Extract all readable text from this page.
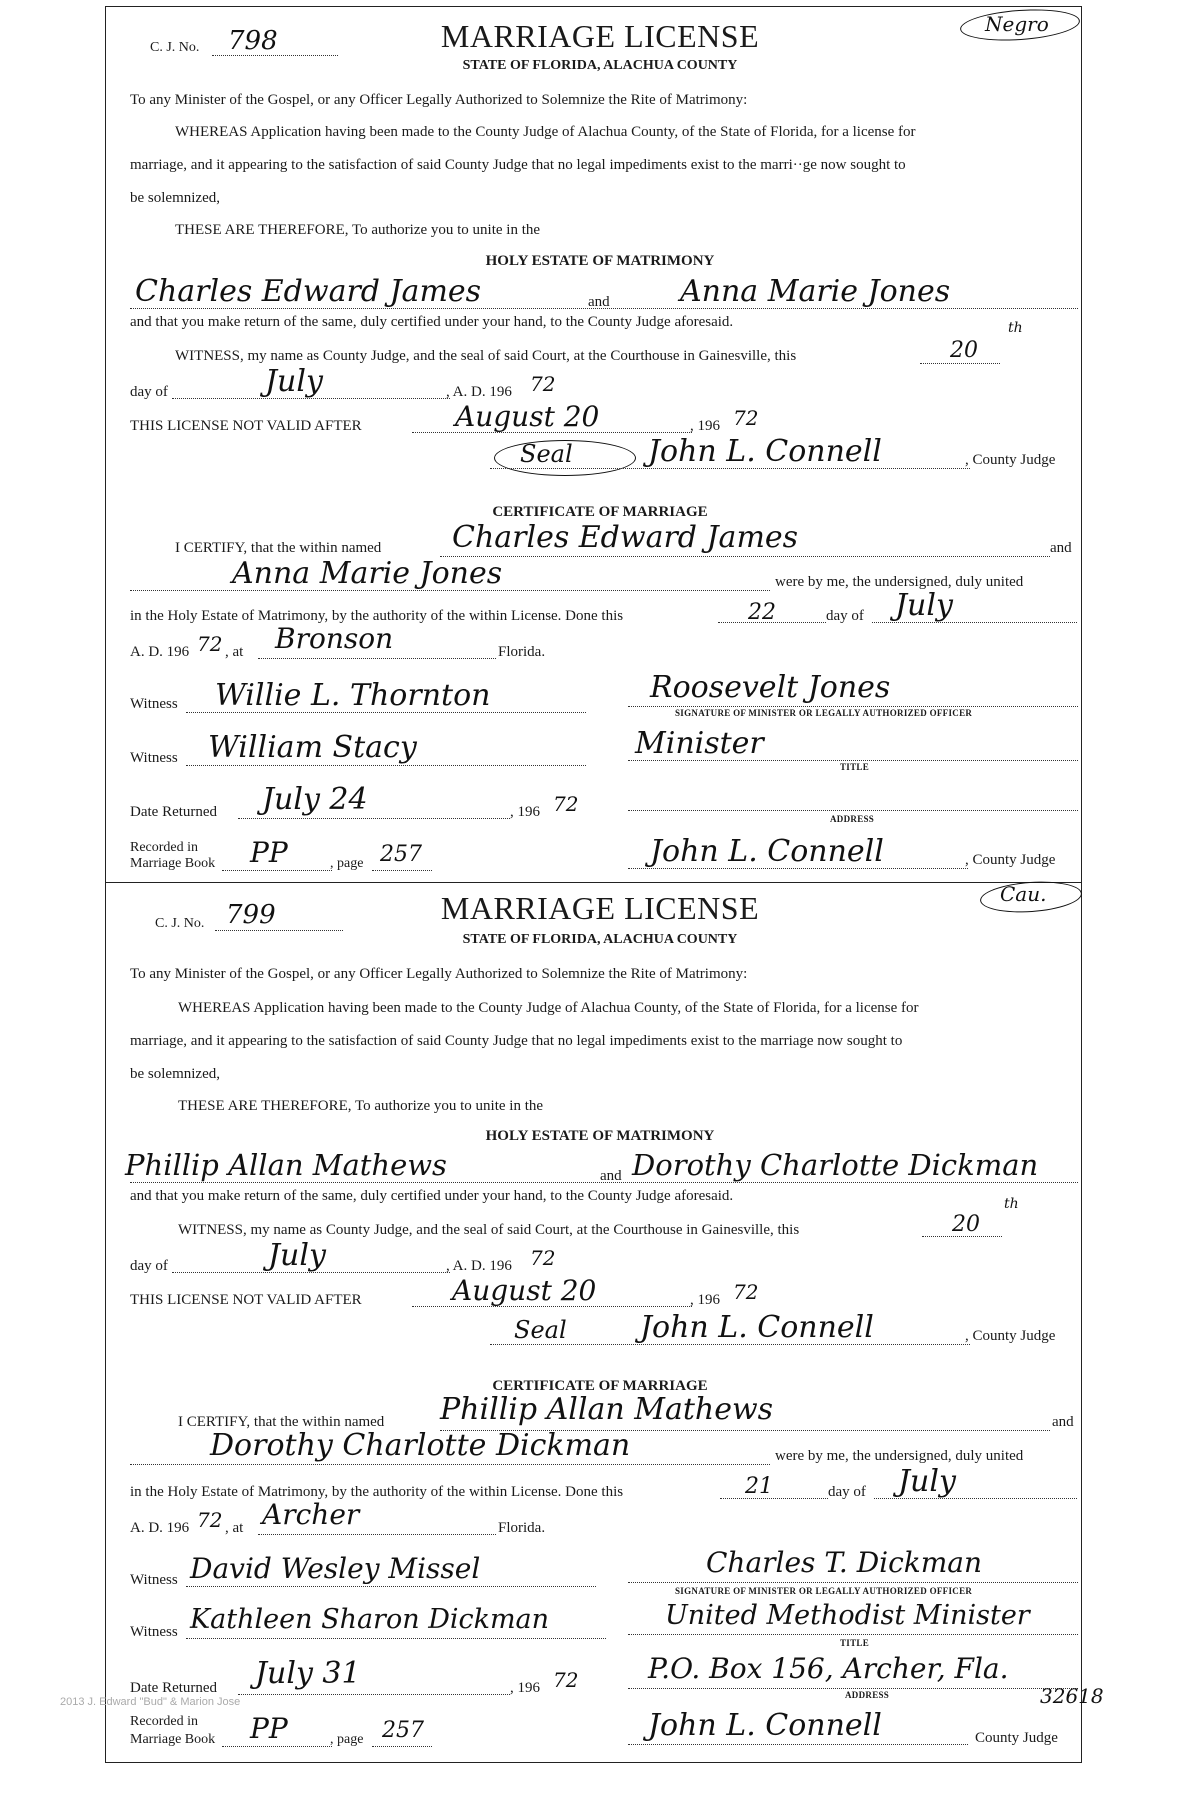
C. J. No. 798	MARRIAGE LICENSE	Negro
STATE OF FLORIDA, ALACHUA COUNTY
To any Minister of the Gospel, or any Officer Legally Authorized to Solemnize the Rite of Matrimony:
WHEREAS Application having been made to the County Judge of Alachua County, of the State of Florida, for a license for
marriage, and it appearing to the satisfaction of said County Judge that no legal impediments exist to the marri··ge now sought to
be solemnized,
THESE ARE THEREFORE, To authorize you to unite in the
HOLY ESTATE OF MATRIMONY
Charles Edward James	and Anna Marie Jones
and that you make return of the same, duly certified under your hand, to the County Judge aforesaid.
WITNESS, my name as County Judge, and the seal of said Court, at the Courthouse in Gainesville, this	20
th
day of	July	, A. D. 196 72
THIS LICENSE NOT VALID AFTER	August 20	, 196 72
Seal	John L. Connell	, County Judge
CERTIFICATE OF MARRIAGE
I CERTIFY, that the within named Charles Edward James	and
Anna Marie Jones	were by me, the undersigned, duly united
in the Holy Estate of Matrimony, by the authority of the within License. Done this	22	day of July
A. D. 196 72 , at Bronson	Florida.
Witness Willie L. Thornton	Roosevelt Jones
SIGNATURE OF MINISTER OR LEGALLY AUTHORIZED OFFICER
Witness William Stacy	Minister
TITLE
Date Returned July 24	, 196 72
ADDRESS
Recorded in
Marriage Book PP	, page 257	John L. Connell	, County Judge
C. J. No. 799	MARRIAGE LICENSE	Cau.
STATE OF FLORIDA, ALACHUA COUNTY
To any Minister of the Gospel, or any Officer Legally Authorized to Solemnize the Rite of Matrimony:
WHEREAS Application having been made to the County Judge of Alachua County, of the State of Florida, for a license for
marriage, and it appearing to the satisfaction of said County Judge that no legal impediments exist to the marriage now sought to
be solemnized,
THESE ARE THEREFORE, To authorize you to unite in the
HOLY ESTATE OF MATRIMONY
Phillip Allan Mathews	and Dorothy Charlotte Dickman
and that you make return of the same, duly certified under your hand, to the County Judge aforesaid.
WITNESS, my name as County Judge, and the seal of said Court, at the Courthouse in Gainesville, this	20
th
day of	July	, A. D. 196 72
THIS LICENSE NOT VALID AFTER	August 20	, 196 72
Seal John L. Connell	, County Judge
CERTIFICATE OF MARRIAGE
I CERTIFY, that the within named Phillip Allan Mathews	and
Dorothy Charlotte Dickman	were by me, the undersigned, duly united
in the Holy Estate of Matrimony, by the authority of the within License. Done this	21	day of July
A. D. 196 72 , at Archer	Florida.
Witness David Wesley Missel	Charles T. Dickman
SIGNATURE OF MINISTER OR LEGALLY AUTHORIZED OFFICER
Witness Kathleen Sharon Dickman	United Methodist Minister
TITLE
Date Returned July 31	, 196 72 P.O. Box 156, Archer, Fla.
ADDRESS	32618
Recorded in
Marriage Book PP	, page 257	John L. Connell	County Judge
2013 J. Edward "Bud" & Marion Jose
